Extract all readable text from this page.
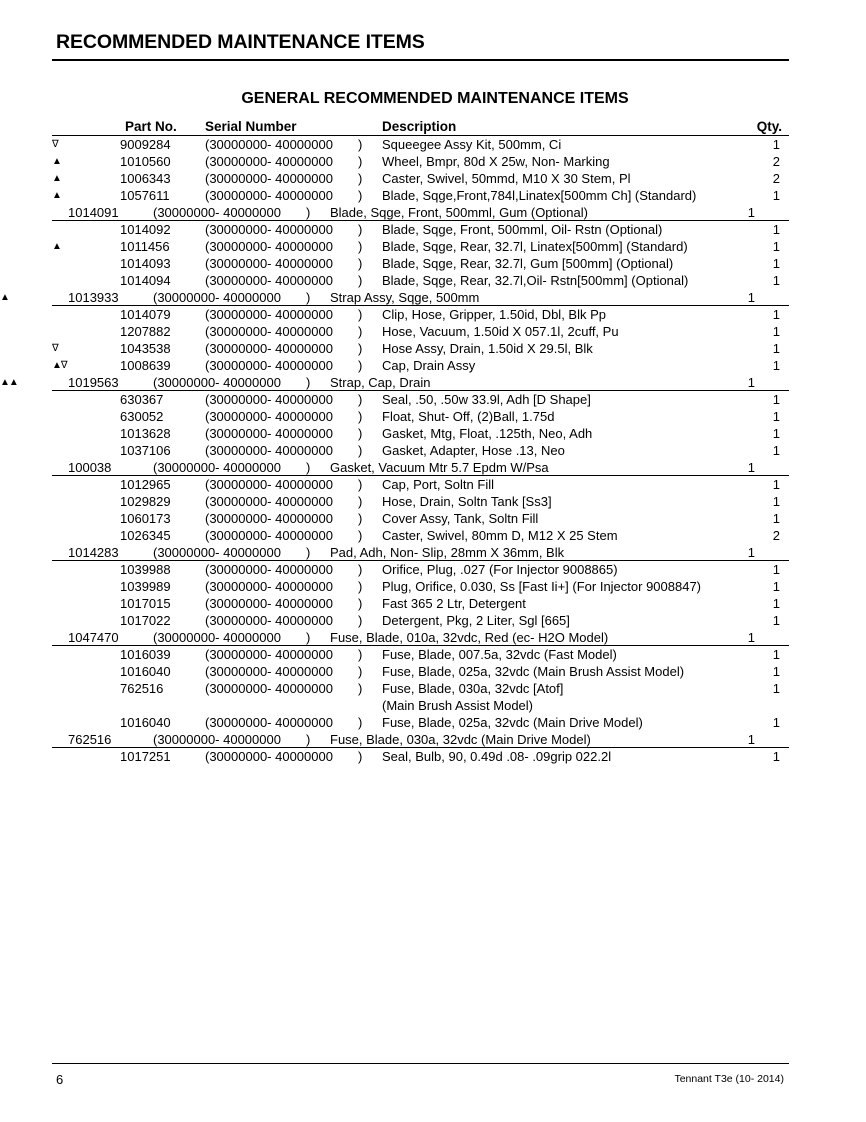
RECOMMENDED MAINTENANCE ITEMS
GENERAL RECOMMENDED MAINTENANCE ITEMS
Part No. Serial Number	Description	Qty.
∇	9009284	(30000000- 40000000 ) Squeegee Assy Kit, 500mm, Ci	1
▲	1010560	(30000000- 40000000 ) Wheel, Bmpr, 80d X 25w, Non- Marking	2
▲	1006343	(30000000- 40000000 ) Caster, Swivel, 50mmd, M10 X 30 Stem, Pl	2
▲	1057611	(30000000- 40000000 ) Blade, Sqge,Front,784l,Linatex[500mm Ch] (Standard)	1
1014091	(30000000- 40000000 ) Blade, Sqge, Front, 500mml, Gum (Optional)	1
1014092	(30000000- 40000000 ) Blade, Sqge, Front, 500mml, Oil- Rstn (Optional)	1
▲	1011456	(30000000- 40000000 ) Blade, Sqge, Rear, 32.7l, Linatex[500mm] (Standard)	1
1014093	(30000000- 40000000 ) Blade, Sqge, Rear, 32.7l, Gum [500mm] (Optional)	1
1014094	(30000000- 40000000 ) Blade, Sqge, Rear, 32.7l,Oil- Rstn[500mm] (Optional)	1
▲	1013933	(30000000- 40000000 ) Strap Assy, Sqge, 500mm	1
1014079	(30000000- 40000000 ) Clip, Hose, Gripper, 1.50id, Dbl, Blk Pp	1
1207882	(30000000- 40000000 ) Hose, Vacuum, 1.50id X 057.1l, 2cuff, Pu	1
∇	1043538	(30000000- 40000000 ) Hose Assy, Drain, 1.50id X 29.5l, Blk	1
▲∇	1008639	(30000000- 40000000 ) Cap, Drain Assy	1
▲▲	1019563	(30000000- 40000000 ) Strap, Cap, Drain	1
630367	(30000000- 40000000 ) Seal, .50, .50w 33.9l, Adh [D Shape]	1
630052	(30000000- 40000000 ) Float, Shut- Off, (2)Ball, 1.75d	1
1013628	(30000000- 40000000 ) Gasket, Mtg, Float, .125th, Neo, Adh	1
1037106	(30000000- 40000000 ) Gasket, Adapter, Hose .13, Neo	1
100038	(30000000- 40000000 ) Gasket, Vacuum Mtr 5.7 Epdm W/Psa	1
1012965	(30000000- 40000000 ) Cap, Port, Soltn Fill	1
1029829	(30000000- 40000000 ) Hose, Drain, Soltn Tank [Ss3]	1
1060173	(30000000- 40000000 ) Cover Assy, Tank, Soltn Fill	1
1026345	(30000000- 40000000 ) Caster, Swivel, 80mm D, M12 X 25 Stem	2
1014283	(30000000- 40000000 ) Pad, Adh, Non- Slip, 28mm X 36mm, Blk	1
1039988	(30000000- 40000000 ) Orifice, Plug, .027 (For Injector 9008865)	1
1039989	(30000000- 40000000 ) Plug, Orifice, 0.030, Ss [Fast Ii+] (For Injector 9008847)	1
1017015	(30000000- 40000000 ) Fast 365 2 Ltr, Detergent	1
1017022	(30000000- 40000000 ) Detergent, Pkg, 2 Liter, Sgl [665]	1
1047470	(30000000- 40000000 ) Fuse, Blade, 010a, 32vdc, Red (ec- H2O Model)	1
1016039	(30000000- 40000000 ) Fuse, Blade, 007.5a, 32vdc (Fast Model)	1
1016040	(30000000- 40000000 ) Fuse, Blade, 025a, 32vdc (Main Brush Assist Model)	1
762516	(30000000- 40000000 ) Fuse, Blade, 030a, 32vdc [Atof]
(Main Brush Assist Model)
1
1016040	(30000000- 40000000 ) Fuse, Blade, 025a, 32vdc (Main Drive Model)	1
762516	(30000000- 40000000 ) Fuse, Blade, 030a, 32vdc (Main Drive Model)	1
1017251	(30000000- 40000000 ) Seal, Bulb, 90, 0.49d .08- .09grip 022.2l	1
6	Tennant T3e (10- 2014)
